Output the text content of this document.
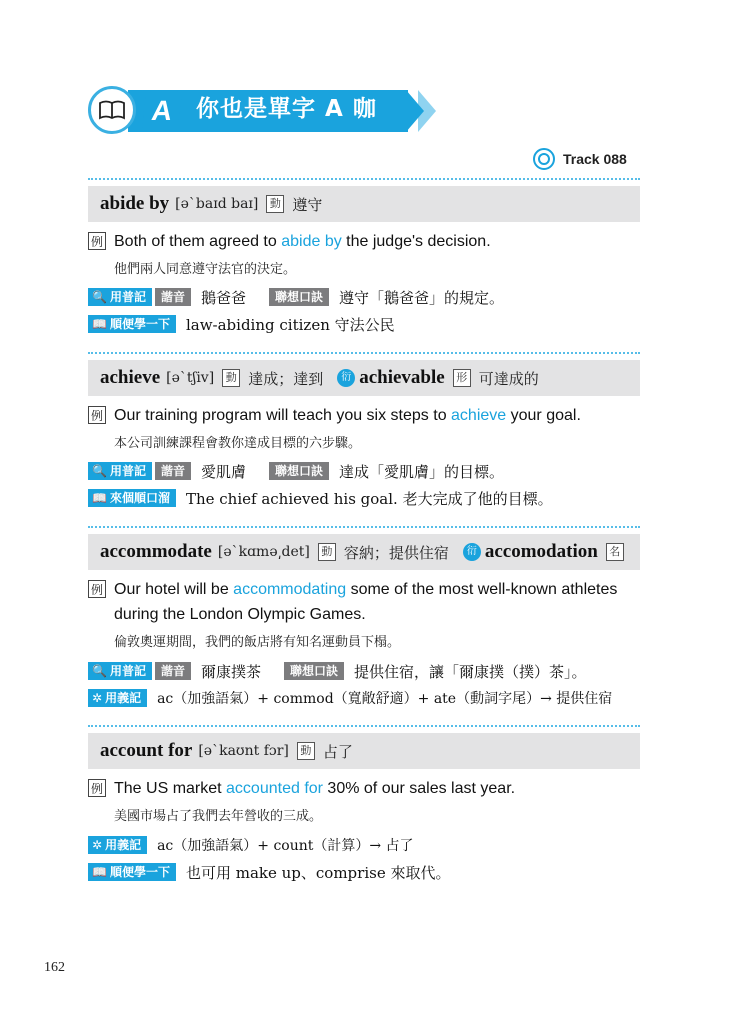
A 你也是單字 A 咖
Track 088
abide by [əˋbaɪd baɪ]	動 遵守
例 Both of them agreed to abide by the judge's decision.
他們兩人同意遵守法官的決定。
🔍 用普記	諧音	鵝爸爸	聯想口訣	遵守「鵝爸爸」的規定。
📖 順便學一下 law-abiding citizen 守法公民
achieve [əˋtʃiv]	動 達成；達到	衍 achievable	形 可達成的
例 Our training program will teach you six steps to achieve your goal.
本公司訓練課程會教你達成目標的六步驟。
🔍 用普記	諧音	愛肌膚	聯想口訣	達成「愛肌膚」的目標。
📖 來個順口溜 The chief achieved his goal. 老大完成了他的目標。
accommodate [əˋkɑmə͵det]	動 容納；提供住宿	衍 accomodation	名
例 Our hotel will be accommodating some of the most well-known athletes during the London Olympic Games.
倫敦奧運期間，我們的飯店將有知名運動員下榻。
🔍 用普記	諧音	爾康撲茶	聯想口訣	提供住宿，讓「爾康撲（撲）茶」。
✲ 用義記 ac（加強語氣）+ commod（寬敞舒適）+ ate（動詞字尾）→ 提供住宿
account for [əˋkaʊnt fɔr]	動 占了
例 The US market accounted for 30% of our sales last year.
美國市場占了我們去年營收的三成。
✲ 用義記 ac（加強語氣）+ count（計算）→ 占了
📖 順便學一下 也可用 make up、comprise 來取代。
162
